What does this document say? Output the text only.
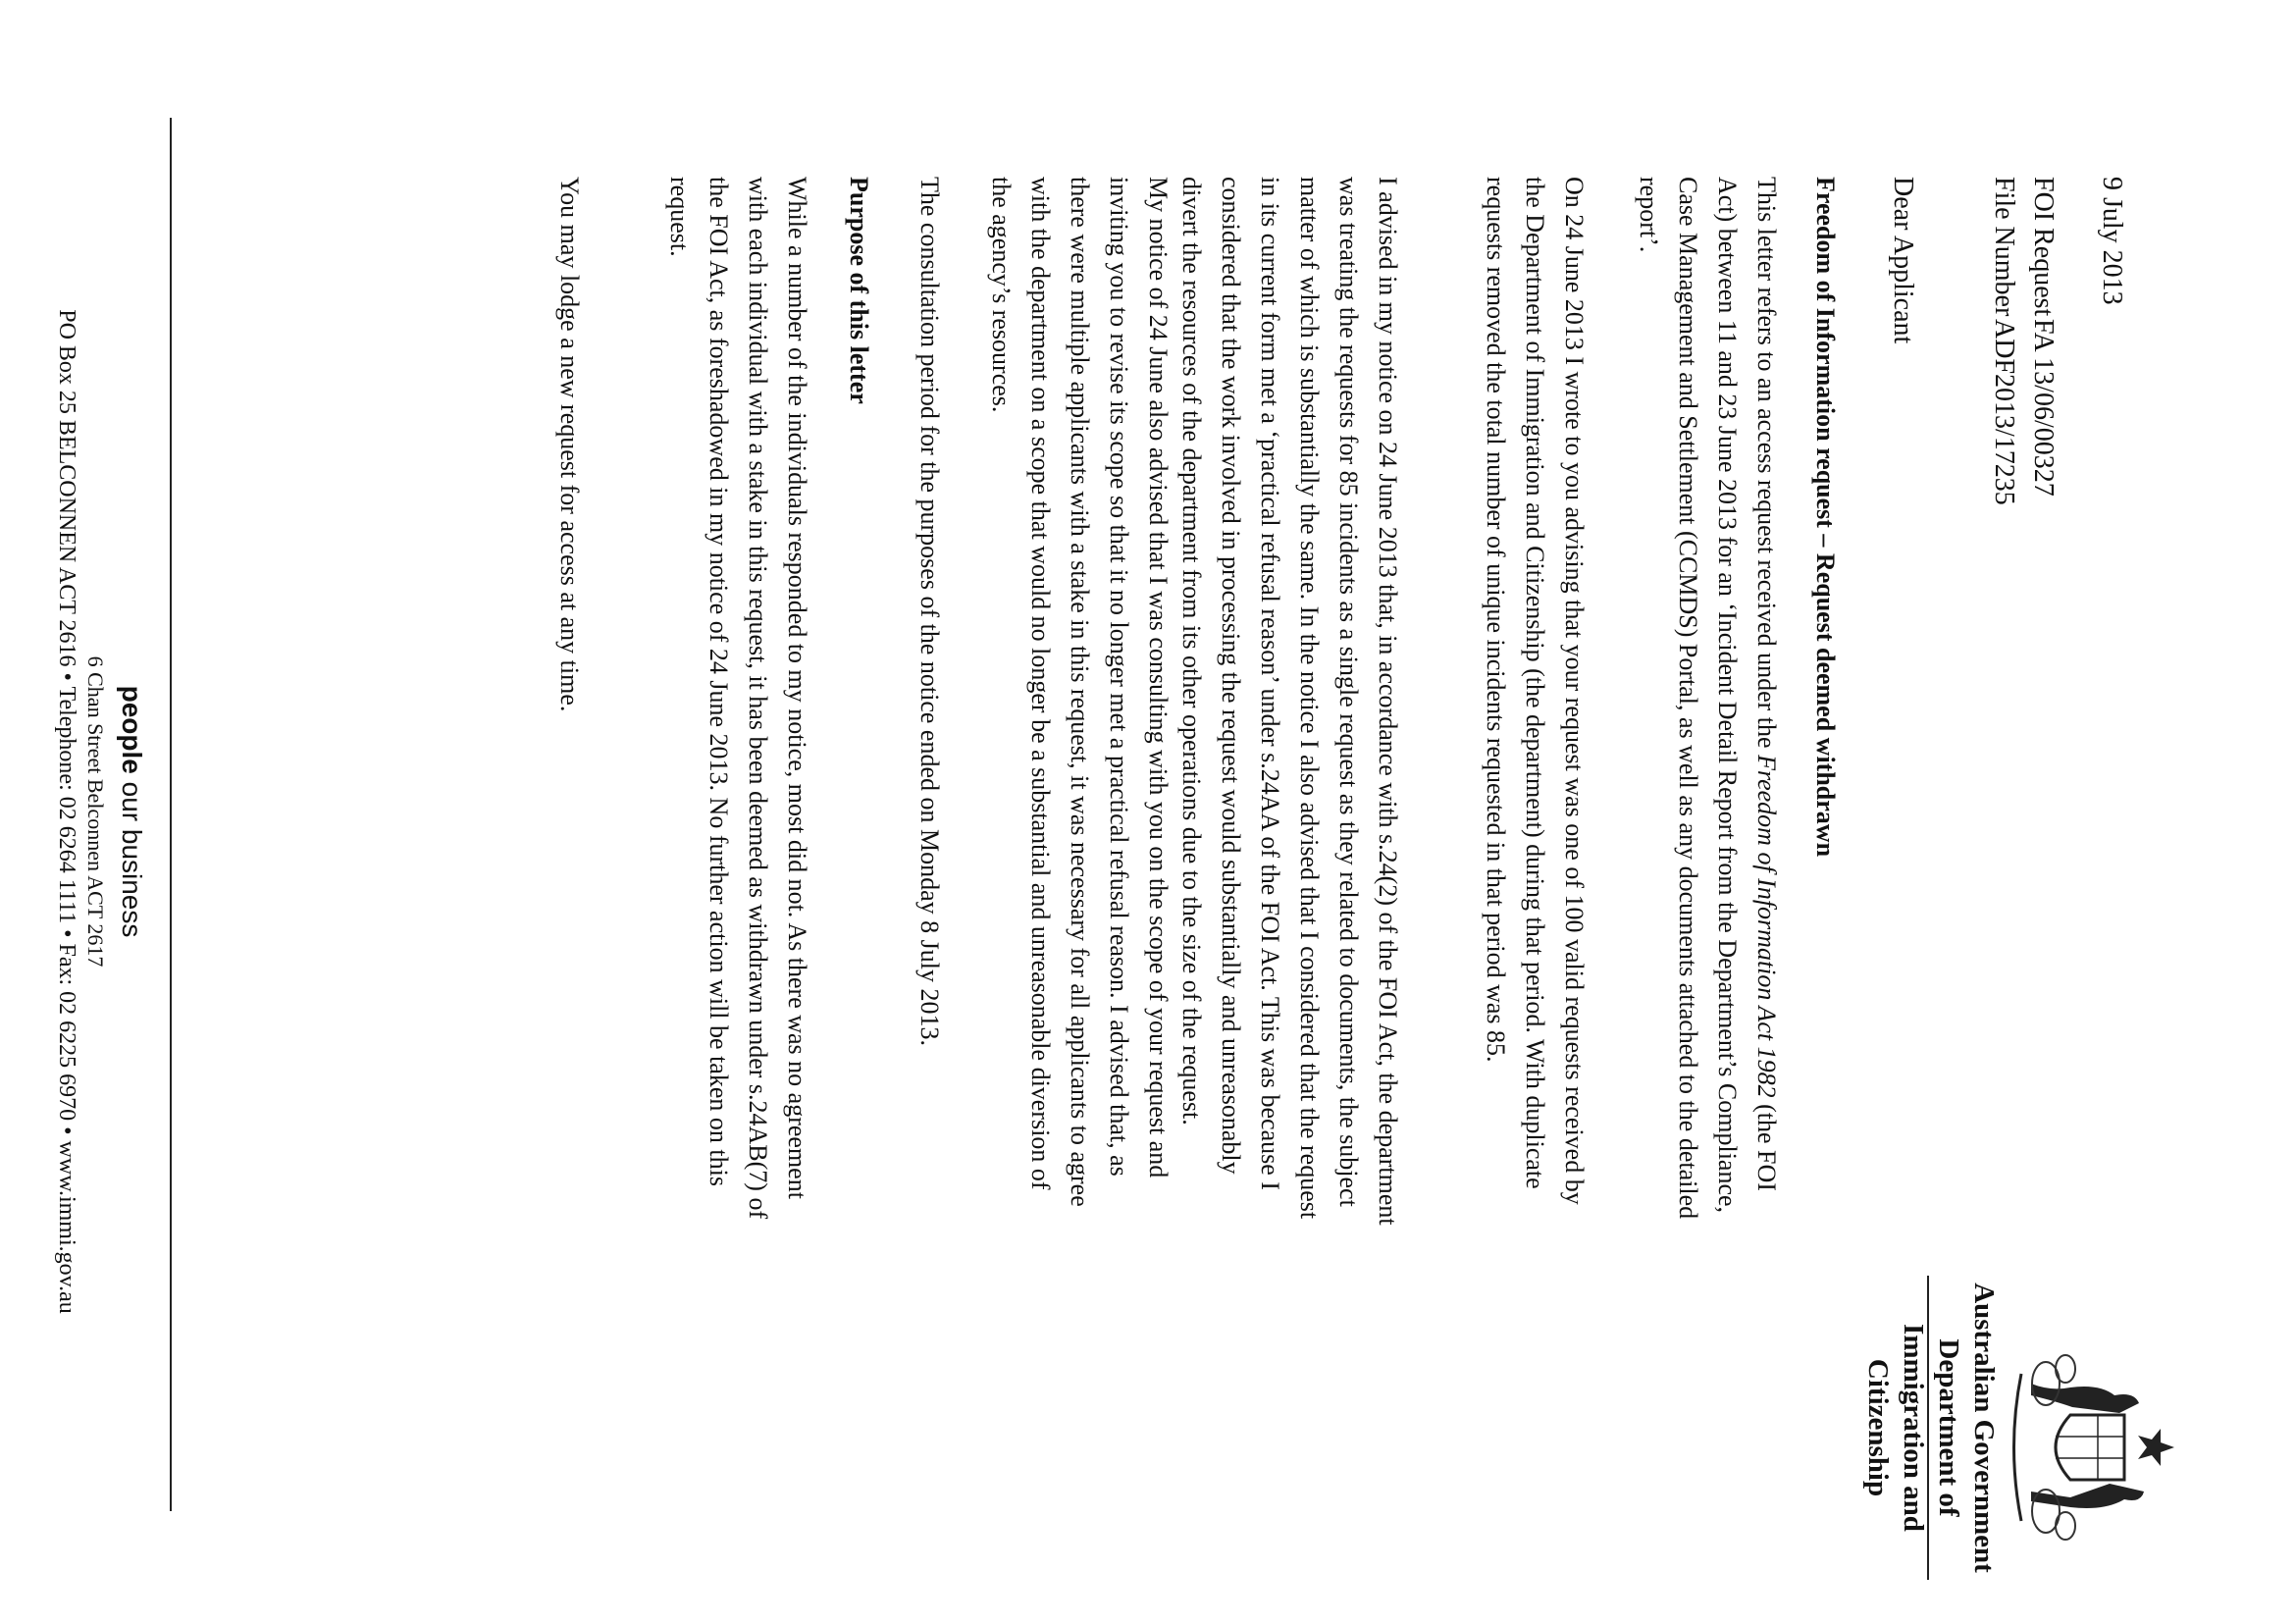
Australian Government
Department of Immigration and Citizenship
9 July 2013
FOI RequestFA 13/06/00327
File NumberADF2013/17235
Dear Applicant
Freedom of Information request – Request deemed withdrawn

This letter refers to an access request received under the Freedom of Information Act 1982 (the FOI Act) between 11 and 23 June 2013 for an ‘Incident Detail Report from the Department’s Compliance, Case Management and Settlement (CCMDS) Portal, as well as any documents attached to the detailed report’.

On 24 June 2013 I wrote to you advising that your request was one of 100 valid requests received by the Department of Immigration and Citizenship (the department) during that period. With duplicate requests removed the total number of unique incidents requested in that period was 85.

I advised in my notice on 24 June 2013 that, in accordance with s.24(2) of the FOI Act, the department was treating the requests for 85 incidents as a single request as they related to documents, the subject matter of which is substantially the same. In the notice I also advised that I considered that the request in its current form met a ‘practical refusal reason’ under s.24AA of the FOI Act. This was because I considered that the work involved in processing the request would substantially and unreasonably divert the resources of the department from its other operations due to the size of the request.

My notice of 24 June also advised that I was consulting with you on the scope of your request and inviting you to revise its scope so that it no longer met a practical refusal reason. I advised that, as there were multiple applicants with a stake in this request, it was necessary for all applicants to agree with the department on a scope that would no longer be a substantial and unreasonable diversion of the agency’s resources.

The consultation period for the purposes of the notice ended on Monday 8 July 2013.

Purpose of this letter

While a number of the individuals responded to my notice, most did not. As there was no agreement with each individual with a stake in this request, it has been deemed as withdrawn under s.24AB(7) of the FOI Act, as foreshadowed in my notice of 24 June 2013. No further action will be taken on this request.

You may lodge a new request for access at any time.

people our business
6 Chan Street Belconnen ACT 2617
PO Box 25 BELCONNEN ACT 2616 • Telephone: 02 6264 1111 • Fax: 02 6225 6970 • www.immi.gov.au
